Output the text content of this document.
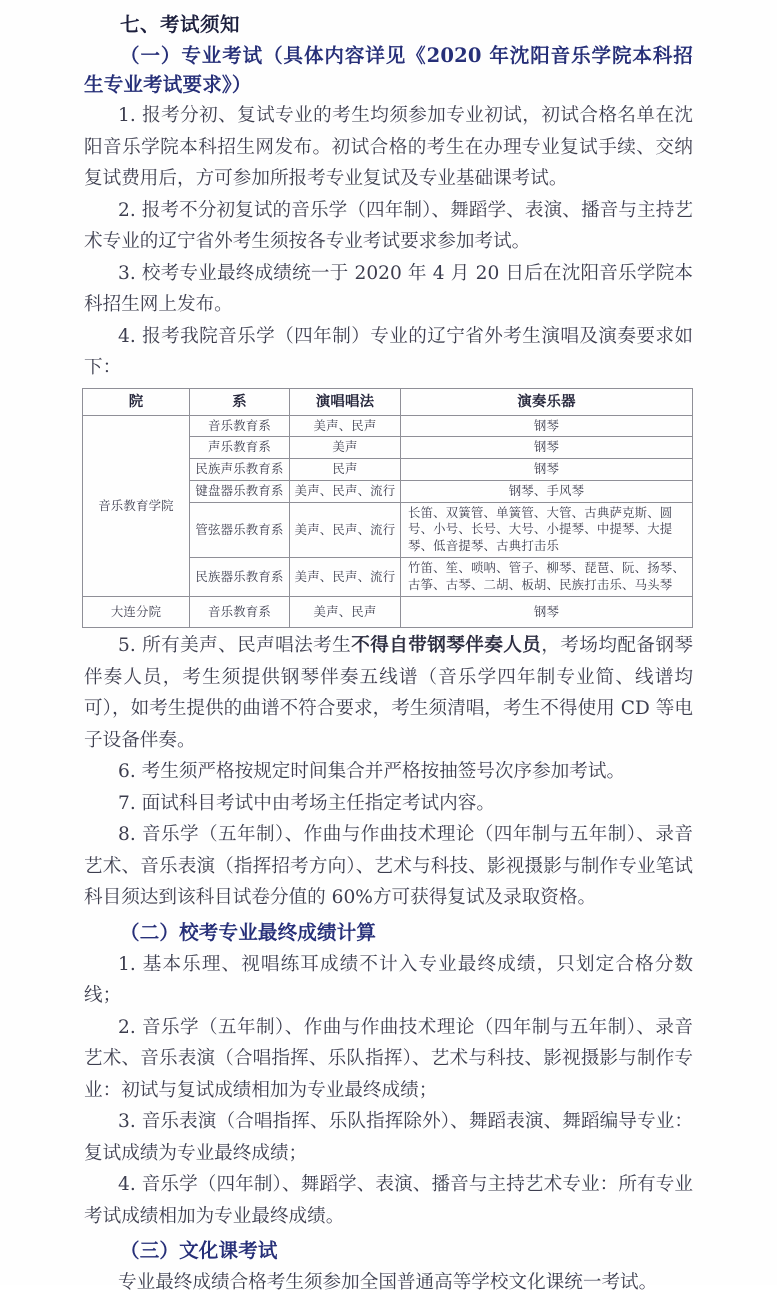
七、考试须知
（一）专业考试（具体内容详见《2020 年沈阳音乐学院本科招生专业考试要求》）

1. 报考分初、复试专业的考生均须参加专业初试，初试合格名单在沈阳音乐学院本科招生网发布。初试合格的考生在办理专业复试手续、交纳复试费用后，方可参加所报考专业复试及专业基础课考试。

2. 报考不分初复试的音乐学（四年制）、舞蹈学、表演、播音与主持艺术专业的辽宁省外考生须按各专业考试要求参加考试。

3. 校考专业最终成绩统一于 2020 年 4 月 20 日后在沈阳音乐学院本科招生网上发布。

4. 报考我院音乐学（四年制）专业的辽宁省外考生演唱及演奏要求如下：

院	系	演唱唱法	演奏乐器
音乐教育学院	音乐教育系	美声、民声	钢琴
	声乐教育系	美声	钢琴
	民族声乐教育系	民声	钢琴
	键盘器乐教育系	美声、民声、流行	钢琴、手风琴
	管弦器乐教育系	美声、民声、流行	长笛、双簧管、单簧管、大管、古典萨克斯、圆号、小号、长号、大号、小提琴、中提琴、大提琴、低音提琴、古典打击乐
	民族器乐教育系	美声、民声、流行	竹笛、笙、唢呐、管子、柳琴、琵琶、阮、扬琴、古筝、古琴、二胡、板胡、民族打击乐、马头琴
大连分院	音乐教育系	美声、民声	钢琴

5. 所有美声、民声唱法考生不得自带钢琴伴奏人员，考场均配备钢琴伴奏人员，考生须提供钢琴伴奏五线谱（音乐学四年制专业简、线谱均可），如考生提供的曲谱不符合要求，考生须清唱，考生不得使用 CD 等电子设备伴奏。

6. 考生须严格按规定时间集合并严格按抽签号次序参加考试。

7. 面试科目考试中由考场主任指定考试内容。

8. 音乐学（五年制）、作曲与作曲技术理论（四年制与五年制）、录音艺术、音乐表演（指挥招考方向）、艺术与科技、影视摄影与制作专业笔试科目须达到该科目试卷分值的 60%方可获得复试及录取资格。

（二）校考专业最终成绩计算

1. 基本乐理、视唱练耳成绩不计入专业最终成绩，只划定合格分数线；

2. 音乐学（五年制）、作曲与作曲技术理论（四年制与五年制）、录音艺术、音乐表演（合唱指挥、乐队指挥）、艺术与科技、影视摄影与制作专业：初试与复试成绩相加为专业最终成绩；

3. 音乐表演（合唱指挥、乐队指挥除外）、舞蹈表演、舞蹈编导专业：复试成绩为专业最终成绩；

4. 音乐学（四年制）、舞蹈学、表演、播音与主持艺术专业：所有专业考试成绩相加为专业最终成绩。

（三）文化课考试

专业最终成绩合格考生须参加全国普通高等学校文化课统一考试。
